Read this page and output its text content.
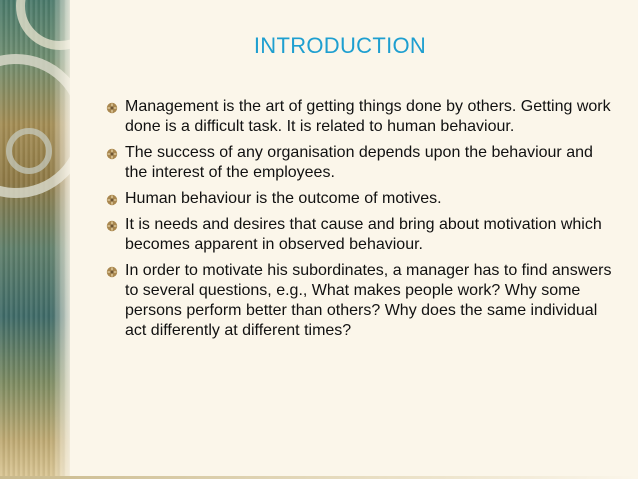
INTRODUCTION
Management is the art of getting things done by others. Getting work done is a difficult task. It is related to human behaviour.
The success of any organisation depends upon the behaviour and the interest of the employees.
Human behaviour is the outcome of motives.
It is needs and desires that cause and bring about motivation which becomes apparent in observed behaviour.
In order to motivate his subordinates, a manager has to find answers to several questions, e.g., What makes people work? Why some persons perform better than others? Why does the same individual act differently at different times?
